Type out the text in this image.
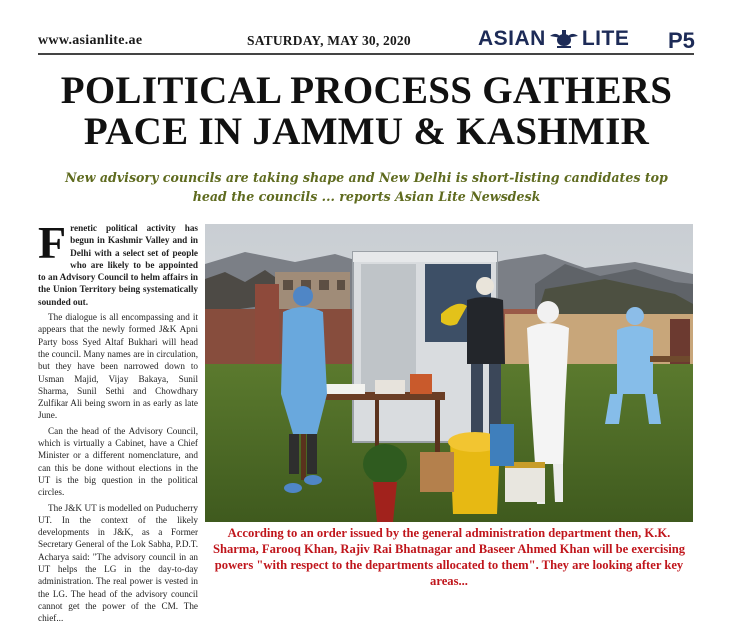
www.asianlite.ae	SATURDAY, MAY 30, 2020	ASIAN LITE P5
POLITICAL PROCESS GATHERS
PACE IN JAMMU & KASHMIR
New advisory councils are taking shape and New Delhi is short-listing candidates top head the councils ... reports Asian Lite Newsdesk

Frenetic political activity has begun in Kashmir Valley and in Delhi with a select set of people who are likely to be appointed to an Advisory Council to helm affairs in the Union Territory being systematically sounded out.

The dialogue is all encompassing and it appears that the newly formed J&K Apni Party boss Syed Altaf Bukhari will head the council. Many names are in circulation, but they have been narrowed down to Usman Majid, Vijay Bakaya, Sunil Sharma, Sunil Sethi and Chowdhary Zulfikar Ali being sworn in as early as late June.

Can the head of the Advisory Council, which is virtually a Cabinet, have a Chief Minister or a different nomenclature, and can this be done without elections in the UT is the big question in the political circles.

The J&K UT is modelled on Puducherry UT. In the context of the likely developments in J&K, as a Former Secretary General of the Lok Sabha, P.D.T. Acharya said: "The advisory council in an UT helps the LG in the day-to-day administration. The real power is vested in the LG. The head of the advisory council cannot get the power of the CM. The chief...

According to an order issued by the general administration department then, K.K. Sharma, Farooq Khan, Rajiv Rai Bhatnagar and Baseer Ahmed Khan will be exercising powers "with respect to the departments allocated to them". They are looking after key areas...
